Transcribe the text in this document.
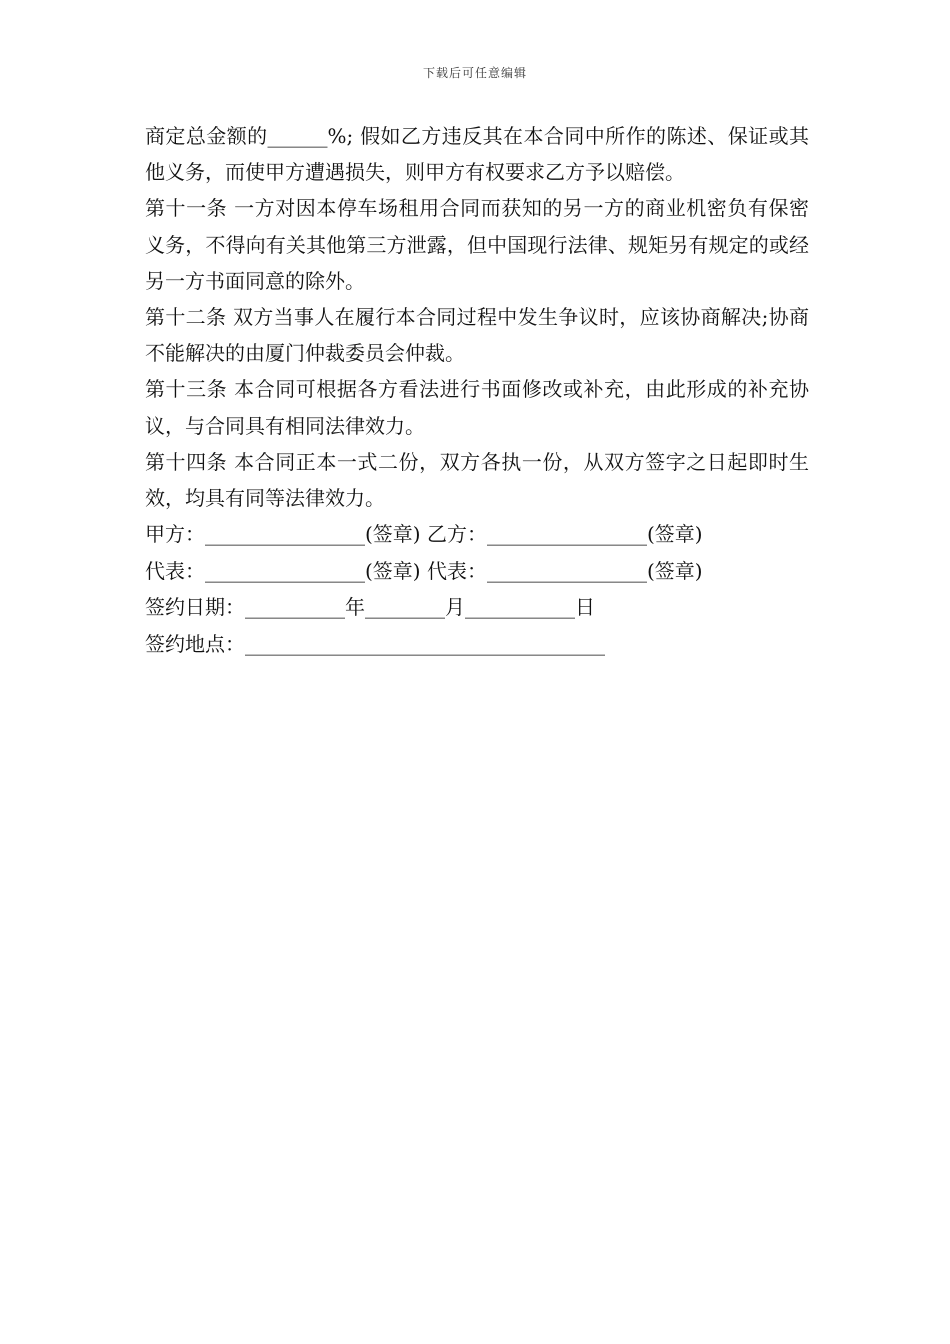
下载后可任意编辑

商定总金额的______%; 假如乙方违反其在本合同中所作的陈述、保证或其他义务，而使甲方遭遇损失，则甲方有权要求乙方予以赔偿。

第十一条 一方对因本停车场租用合同而获知的另一方的商业机密负有保密义务，不得向有关其他第三方泄露，但中国现行法律、规矩另有规定的或经另一方书面同意的除外。

第十二条 双方当事人在履行本合同过程中发生争议时，应该协商解决;协商不能解决的由厦门仲裁委员会仲裁。

第十三条 本合同可根据各方看法进行书面修改或补充，由此形成的补充协议，与合同具有相同法律效力。

第十四条 本合同正本一式二份，双方各执一份，从双方签字之日起即时生效，均具有同等法律效力。

甲方：________________(签章) 乙方：________________(签章)
代表：________________(签章) 代表：________________(签章)
签约日期：__________年________月___________日
签约地点：____________________________________
